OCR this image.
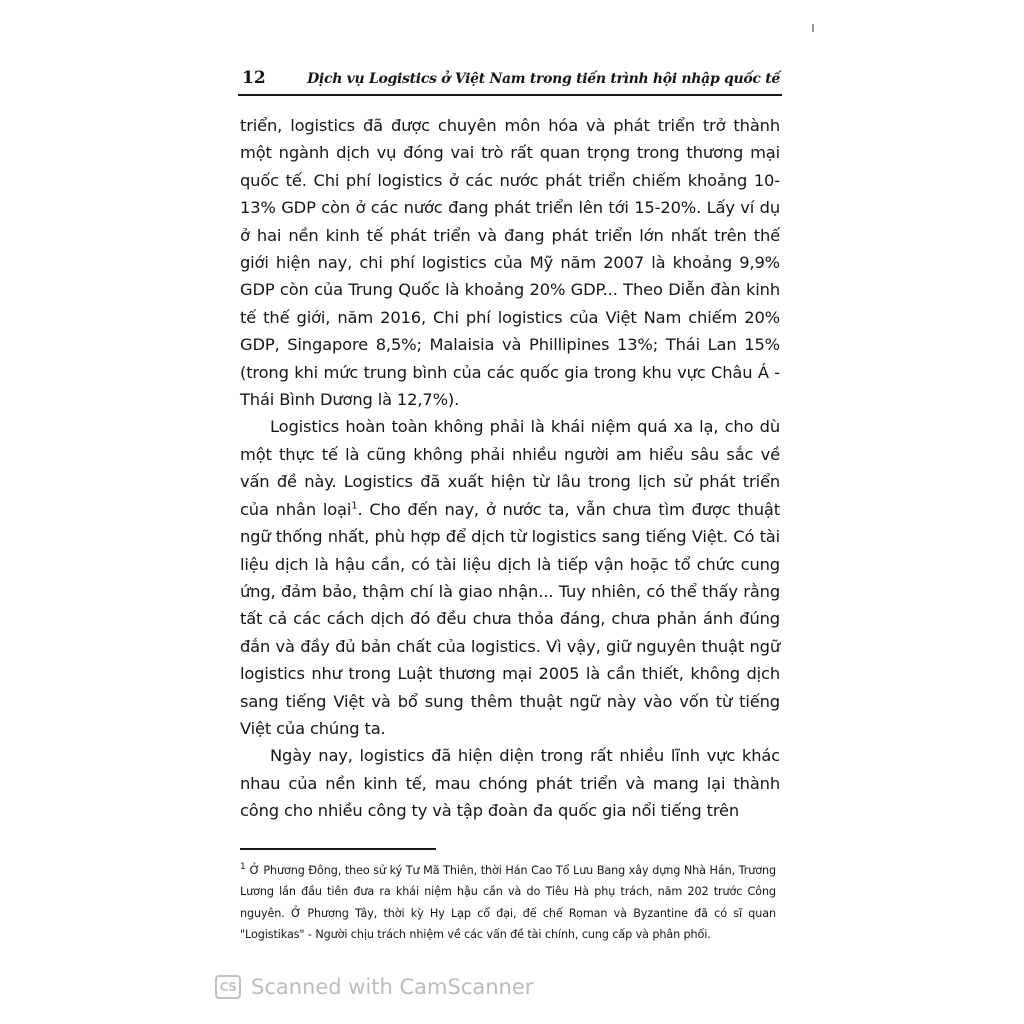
12	Dịch vụ Logistics ở Việt Nam trong tiến trình hội nhập quốc tế

triển, logistics đã được chuyên môn hóa và phát triển trở thành một ngành dịch vụ đóng vai trò rất quan trọng trong thương mại quốc tế. Chi phí logistics ở các nước phát triển chiếm khoảng 10-13% GDP còn ở các nước đang phát triển lên tới 15-20%. Lấy ví dụ ở hai nền kinh tế phát triển và đang phát triển lớn nhất trên thế giới hiện nay, chi phí logistics của Mỹ năm 2007 là khoảng 9,9% GDP còn của Trung Quốc là khoảng 20% GDP... Theo Diễn đàn kinh tế thế giới, năm 2016, Chi phí logistics của Việt Nam chiếm 20% GDP, Singapore 8,5%; Malaisia và Phillipines 13%; Thái Lan 15% (trong khi mức trung bình của các quốc gia trong khu vực Châu Á - Thái Bình Dương là 12,7%).

Logistics hoàn toàn không phải là khái niệm quá xa lạ, cho dù một thực tế là cũng không phải nhiều người am hiểu sâu sắc về vấn đề này. Logistics đã xuất hiện từ lâu trong lịch sử phát triển của nhân loại$^1$. Cho đến nay, ở nước ta, vẫn chưa tìm được thuật ngữ thống nhất, phù hợp để dịch từ logistics sang tiếng Việt. Có tài liệu dịch là hậu cần, có tài liệu dịch là tiếp vận hoặc tổ chức cung ứng, đảm bảo, thậm chí là giao nhận... Tuy nhiên, có thể thấy rằng tất cả các cách dịch đó đều chưa thỏa đáng, chưa phản ánh đúng đắn và đầy đủ bản chất của logistics. Vì vậy, giữ nguyên thuật ngữ logistics như trong Luật thương mại 2005 là cần thiết, không dịch sang tiếng Việt và bổ sung thêm thuật ngữ này vào vốn từ tiếng Việt của chúng ta.

Ngày nay, logistics đã hiện diện trong rất nhiều lĩnh vực khác nhau của nền kinh tế, mau chóng phát triển và mang lại thành công cho nhiều công ty và tập đoàn đa quốc gia nổi tiếng trên

$^1$ Ở Phương Đông, theo sử ký Tư Mã Thiên, thời Hán Cao Tổ Lưu Bang xây dựng Nhà Hán, Trương Lương lần đầu tiên đưa ra khái niệm hậu cần và do Tiêu Hà phụ trách, năm 202 trước Công nguyên. Ở Phương Tây, thời kỳ Hy Lạp cổ đại, đế chế Roman và Byzantine đã có sĩ quan "Logistikas" - Người chịu trách nhiệm về các vấn đề tài chính, cung cấp và phân phối.
CS Scanned with CamScanner
